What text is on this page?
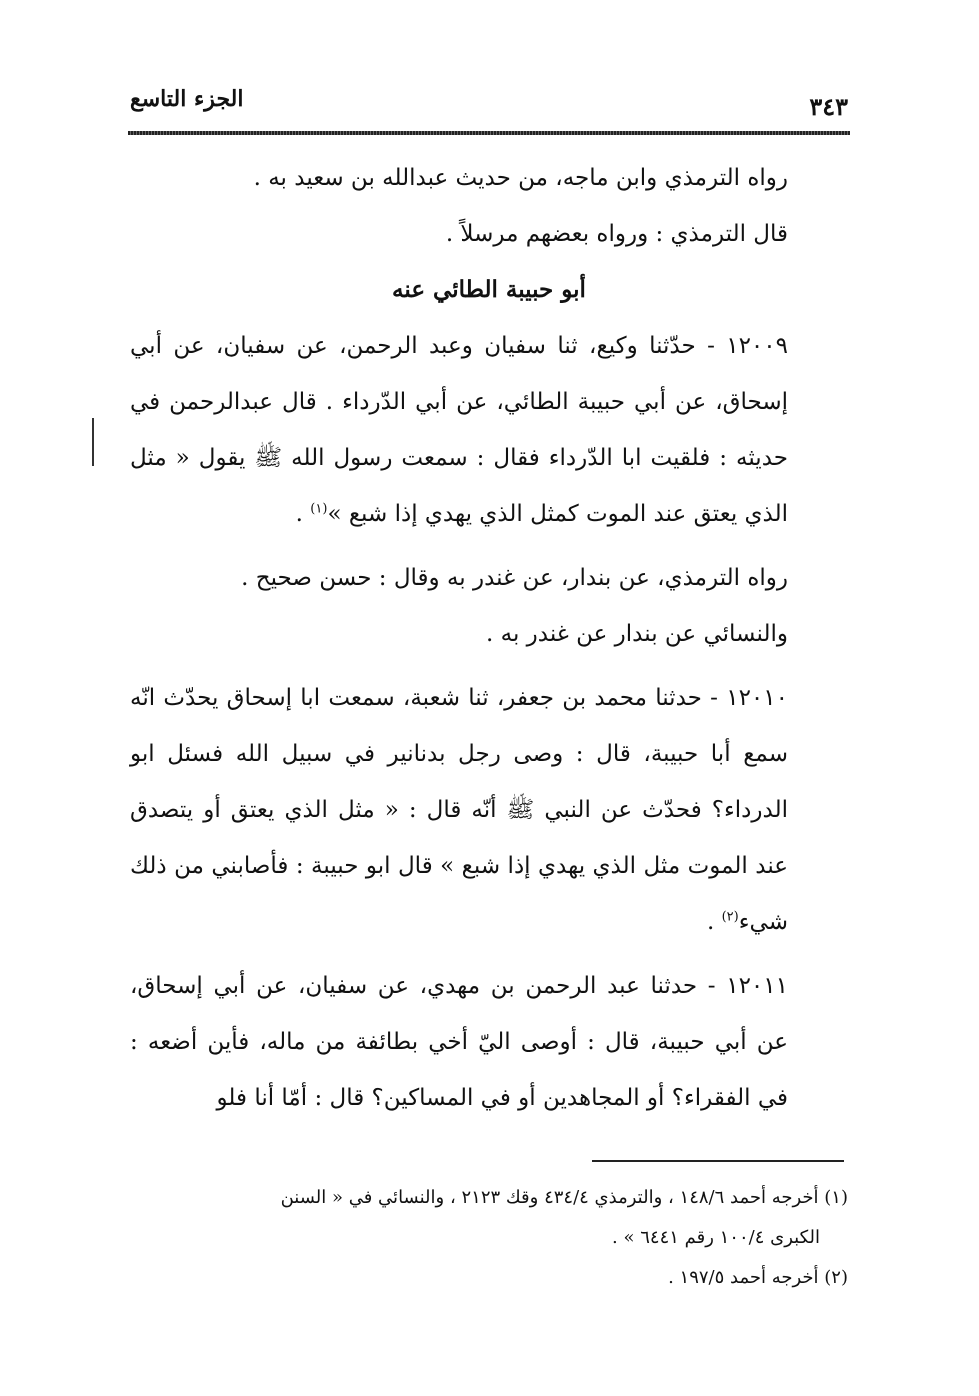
الجزء التاسع	٣٤٣

رواه الترمذي وابن ماجه، من حديث عبدالله بن سعيد به .

قال الترمذي : ورواه بعضهم مرسلاً .

أبو حبيبة الطائي عنه

١٢٠٠٩ - حدّثنا وكيع، ثنا سفيان وعبد الرحمن، عن سفيان، عن أبي إسحاق، عن أبي حبيبة الطائي، عن أبي الدّرداء . قال عبدالرحمن في حديثه : فلقيت ابا الدّرداء فقال : سمعت رسول الله ﷺ يقول « مثل الذي يعتق عند الموت كمثل الذي يهدي إذا شبع »$^{(١)}$ .

رواه الترمذي، عن بندار، عن غندر به وقال : حسن صحيح .

والنسائي عن بندار عن غندر به .

١٢٠١٠ - حدثنا محمد بن جعفر، ثنا شعبة، سمعت ابا إسحاق يحدّث انّه سمع أبا حبيبة، قال : وصى رجل بدنانير في سبيل الله فسئل ابو الدرداء؟ فحدّث عن النبي ﷺ أنّه قال : « مثل الذي يعتق أو يتصدق عند الموت مثل الذي يهدي إذا شبع » قال ابو حبيبة : فأصابني من ذلك شيء$^{(٢)}$ .

١٢٠١١ - حدثنا عبد الرحمن بن مهدي، عن سفيان، عن أبي إسحاق، عن أبي حبيبة، قال : أوصى اليّ أخي بطائفة من ماله، فأين أضعه : في الفقراء؟ أو المجاهدين أو في المساكين؟ قال : أمّا أنا فلو

(١) أخرجه أحمد ١٤٨/٦ ، والترمذي ٤٣٤/٤ وقك ٢١٢٣ ، والنسائي في « السنن

الكبرى ١٠٠/٤ رقم ٦٤٤١ » .

(٢) أخرجه أحمد ١٩٧/٥ .
